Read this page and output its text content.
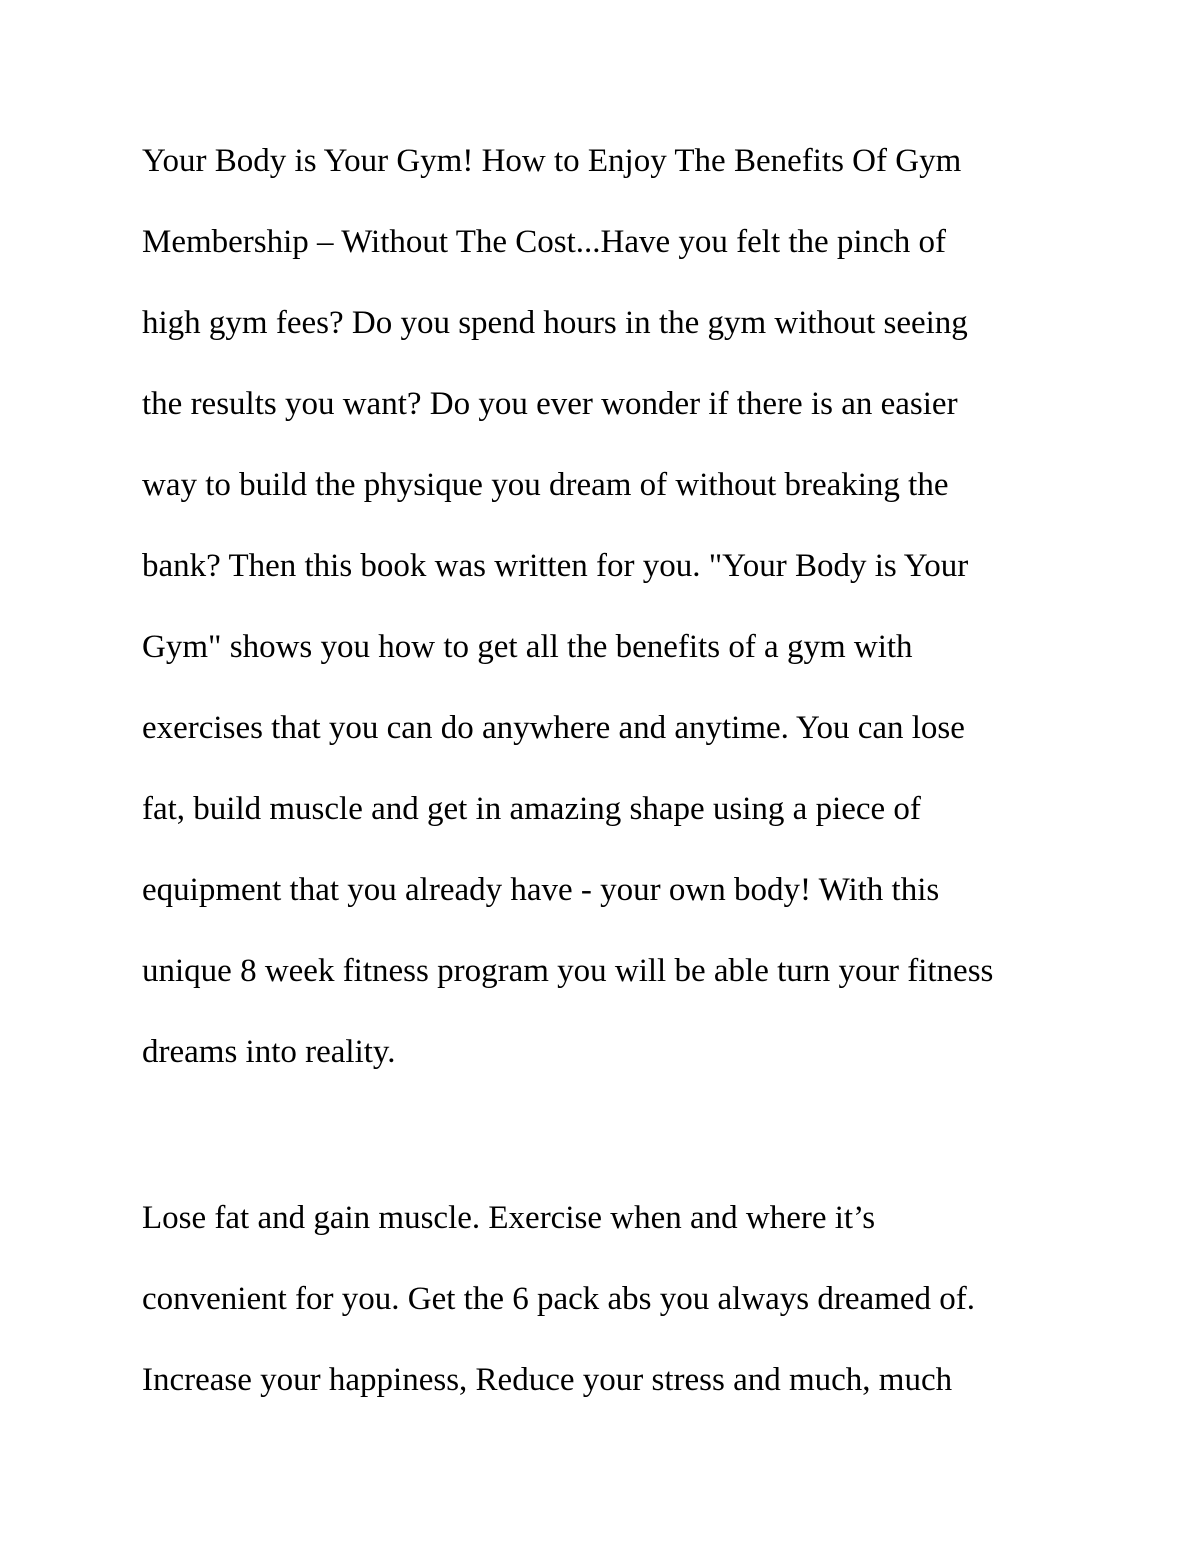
Your Body is Your Gym! How to Enjoy The Benefits Of Gym
Membership – Without The Cost...Have you felt the pinch of
high gym fees? Do you spend hours in the gym without seeing
the results you want? Do you ever wonder if there is an easier
way to build the physique you dream of without breaking the
bank? Then this book was written for you. "Your Body is Your
Gym" shows you how to get all the benefits of a gym with
exercises that you can do anywhere and anytime. You can lose
fat, build muscle and get in amazing shape using a piece of
equipment that you already have - your own body! With this
unique 8 week fitness program you will be able turn your fitness
dreams into reality.
Lose fat and gain muscle. Exercise when and where it’s
convenient for you. Get the 6 pack abs you always dreamed of.
Increase your happiness, Reduce your stress and much, much
